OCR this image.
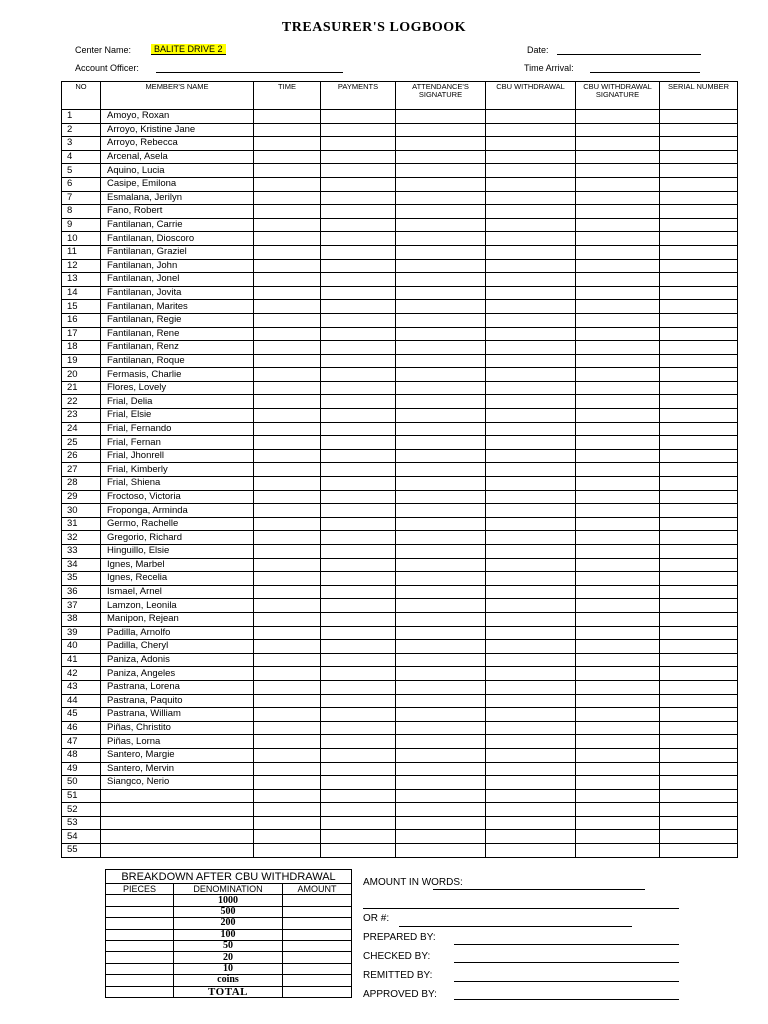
TREASURER'S LOGBOOK
Center Name:	BALITE DRIVE 2	Date:
Account Officer:	Time Arrival:
NO	MEMBER'S NAME	TIME	PAYMENTS	ATTENDANCE'S SIGNATURE	CBU WITHDRAWAL	CBU WITHDRAWAL SIGNATURE	SERIAL NUMBER
1	Amoyo, Roxan						
2	Arroyo, Kristine Jane						
3	Arroyo, Rebecca						
4	Arcenal, Asela						
5	Aquino, Lucia						
6	Casipe, Emilona						
7	Esmalana, Jerilyn						
8	Fano, Robert						
9	Fantilanan, Carrie						
10	Fantilanan, Dioscoro						
11	Fantilanan, Graziel						
12	Fantilanan, John						
13	Fantilanan, Jonel						
14	Fantilanan, Jovita						
15	Fantilanan, Marites						
16	Fantilanan, Regie						
17	Fantilanan, Rene						
18	Fantilanan, Renz						
19	Fantilanan, Roque						
20	Fermasis, Charlie						
21	Flores, Lovely						
22	Frial, Delia						
23	Frial, Elsie						
24	Frial, Fernando						
25	Frial, Fernan						
26	Frial, Jhonrell						
27	Frial, Kimberly						
28	Frial, Shiena						
29	Froctoso, Victoria						
30	Froponga, Arminda						
31	Germo, Rachelle						
32	Gregorio, Richard						
33	Hinguillo, Elsie						
34	Ignes, Marbel						
35	Ignes, Recelia						
36	Ismael, Arnel						
37	Lamzon, Leonila						
38	Manipon, Rejean						
39	Padilla, Arnolfo						
40	Padilla, Cheryl						
41	Paniza, Adonis						
42	Paniza, Angeles						
43	Pastrana, Lorena						
44	Pastrana, Paquito						
45	Pastrana, William						
46	Piñas, Christito						
47	Piñas, Lorna						
48	Santero, Margie						
49	Santero, Mervin						
50	Siangco, Nerio						
51							
52							
53							
54							
55							
BREAKDOWN AFTER CBU WITHDRAWAL		
PIECES	DENOMINATION	AMOUNT
	1000	
	500	
	200	
	100	
	50	
	20	
	10	
	coins	
	TOTAL	
AMOUNT IN WORDS:
OR #:
PREPARED BY:
CHECKED BY:
REMITTED BY:
APPROVED BY:
